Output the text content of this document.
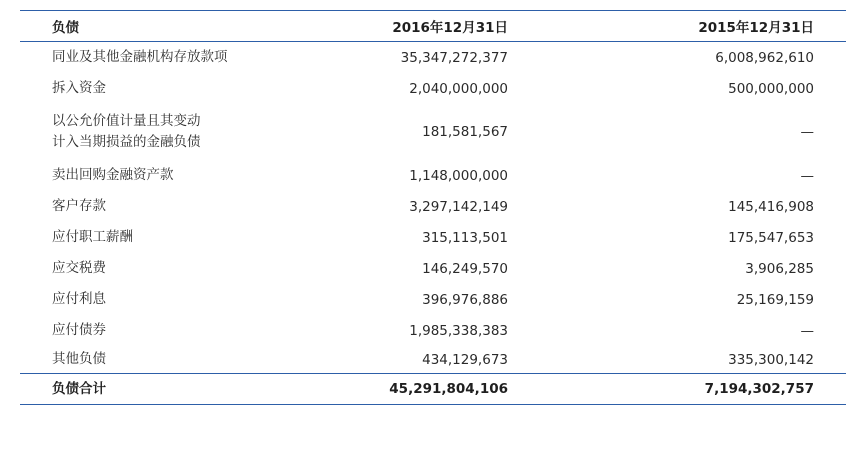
负债	2016年12月31日	2015年12月31日
同业及其他金融机构存放款项	35,347,272,377	6,008,962,610
拆入资金	2,040,000,000	500,000,000

以公允价值计量且其变动
计入当期损益的金融负债	181,581,567	—
卖出回购金融资产款	1,148,000,000	—
客户存款	3,297,142,149	145,416,908
应付职工薪酬	315,113,501	175,547,653
应交税费	146,249,570	3,906,285
应付利息	396,976,886	25,169,159
应付债券	1,985,338,383	—
其他负债	434,129,673	335,300,142
负债合计	45,291,804,106	7,194,302,757
